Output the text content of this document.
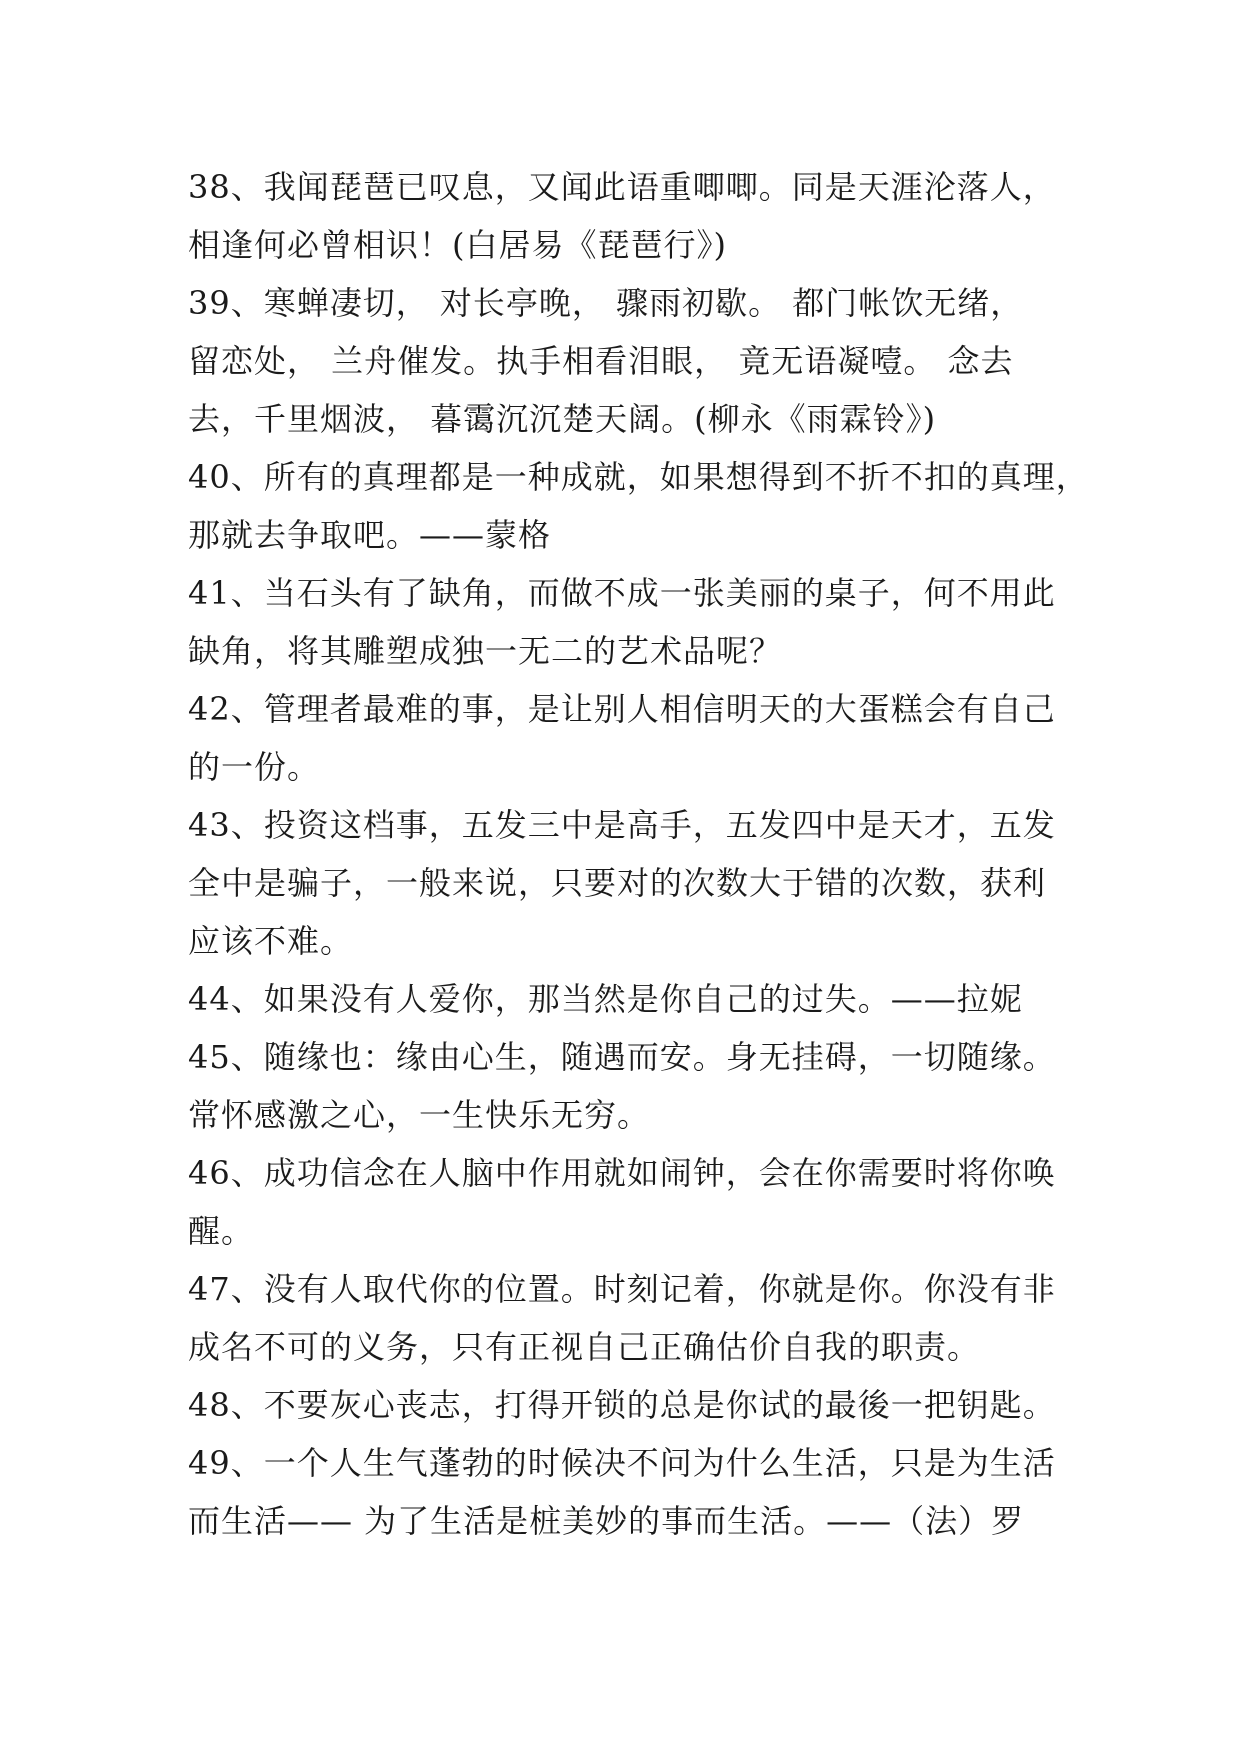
38、我闻琵琶已叹息，又闻此语重唧唧。同是天涯沦落人，
相逢何必曾相识！(白居易《琵琶行》)
39、寒蝉凄切， 对长亭晚， 骤雨初歇。 都门帐饮无绪，
留恋处， 兰舟催发。执手相看泪眼， 竟无语凝噎。 念去
去，千里烟波， 暮霭沉沉楚天阔。(柳永《雨霖铃》)
40、所有的真理都是一种成就，如果想得到不折不扣的真理，
那就去争取吧。——蒙格
41、当石头有了缺角，而做不成一张美丽的桌子，何不用此
缺角，将其雕塑成独一无二的艺术品呢？
42、管理者最难的事，是让别人相信明天的大蛋糕会有自己
的一份。
43、投资这档事，五发三中是高手，五发四中是天才，五发
全中是骗子，一般来说，只要对的次数大于错的次数，获利
应该不难。
44、如果没有人爱你，那当然是你自己的过失。——拉妮
45、随缘也：缘由心生，随遇而安。身无挂碍，一切随缘。
常怀感激之心，一生快乐无穷。
46、成功信念在人脑中作用就如闹钟，会在你需要时将你唤
醒。
47、没有人取代你的位置。时刻记着，你就是你。你没有非
成名不可的义务，只有正视自己正确估价自我的职责。
48、不要灰心丧志，打得开锁的总是你试的最後一把钥匙。
49、一个人生气蓬勃的时候决不问为什么生活，只是为生活
而生活—— 为了生活是桩美妙的事而生活。——（法）罗
